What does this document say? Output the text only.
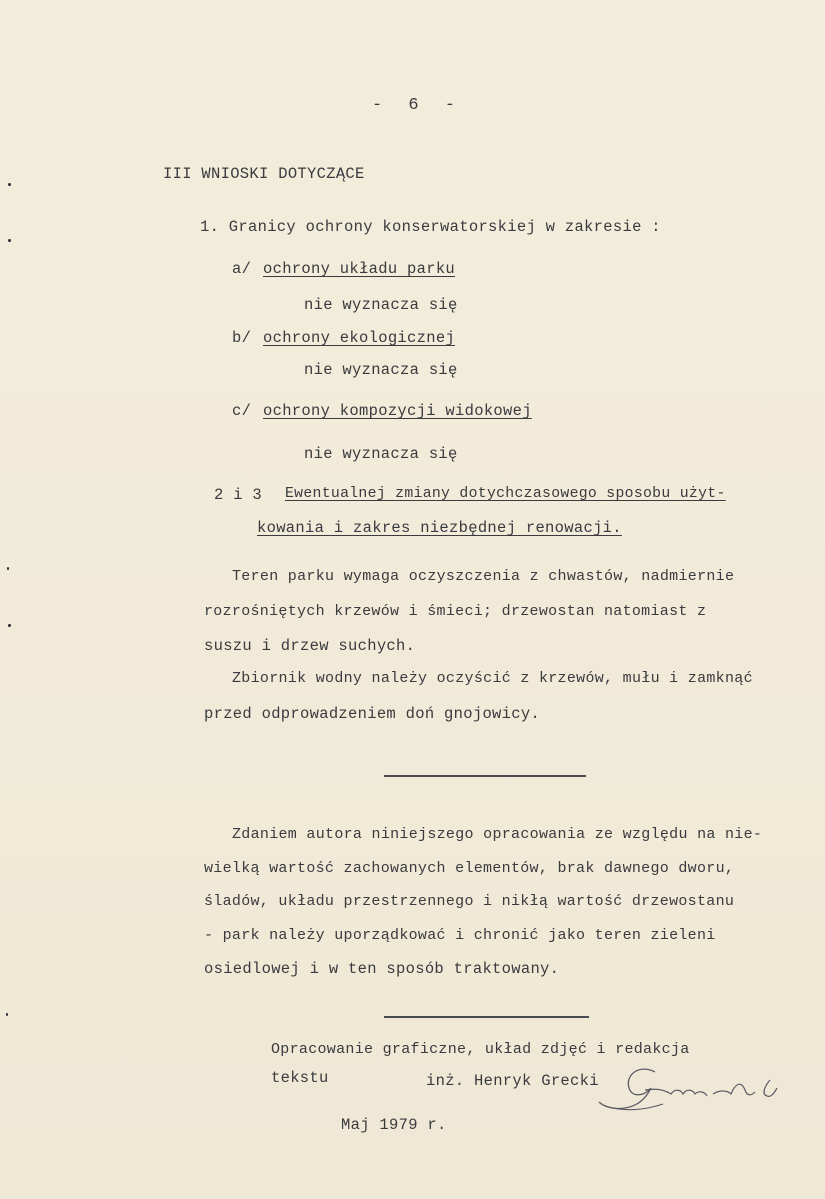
- 6 -
III WNIOSKI DOTYCZĄCE
1. Granicy ochrony konserwatorskiej w zakresie :
a/ ochrony układu parku
nie wyznacza się
b/ ochrony ekologicznej
nie wyznacza się
c/ ochrony kompozycji widokowej
nie wyznacza się
2 i 3 Ewentualnej zmiany dotychczasowego sposobu użyt-
kowania i zakres niezbędnej renowacji.
Teren parku wymaga oczyszczenia z chwastów, nadmiernie
rozrośniętych krzewów i śmieci; drzewostan natomiast z
suszu i drzew suchych.
Zbiornik wodny należy oczyścić z krzewów, mułu i zamknąć
przed odprowadzeniem doń gnojowicy.
Zdaniem autora niniejszego opracowania ze względu na nie-
wielką wartość zachowanych elementów, brak dawnego dworu,
śladów, układu przestrzennego i nikłą wartość drzewostanu
- park należy uporządkować i chronić jako teren zieleni
osiedlowej i w ten sposób traktowany.
Opracowanie graficzne, układ zdjęć i redakcja
tekstu	inż. Henryk Grecki
Maj 1979 r.
